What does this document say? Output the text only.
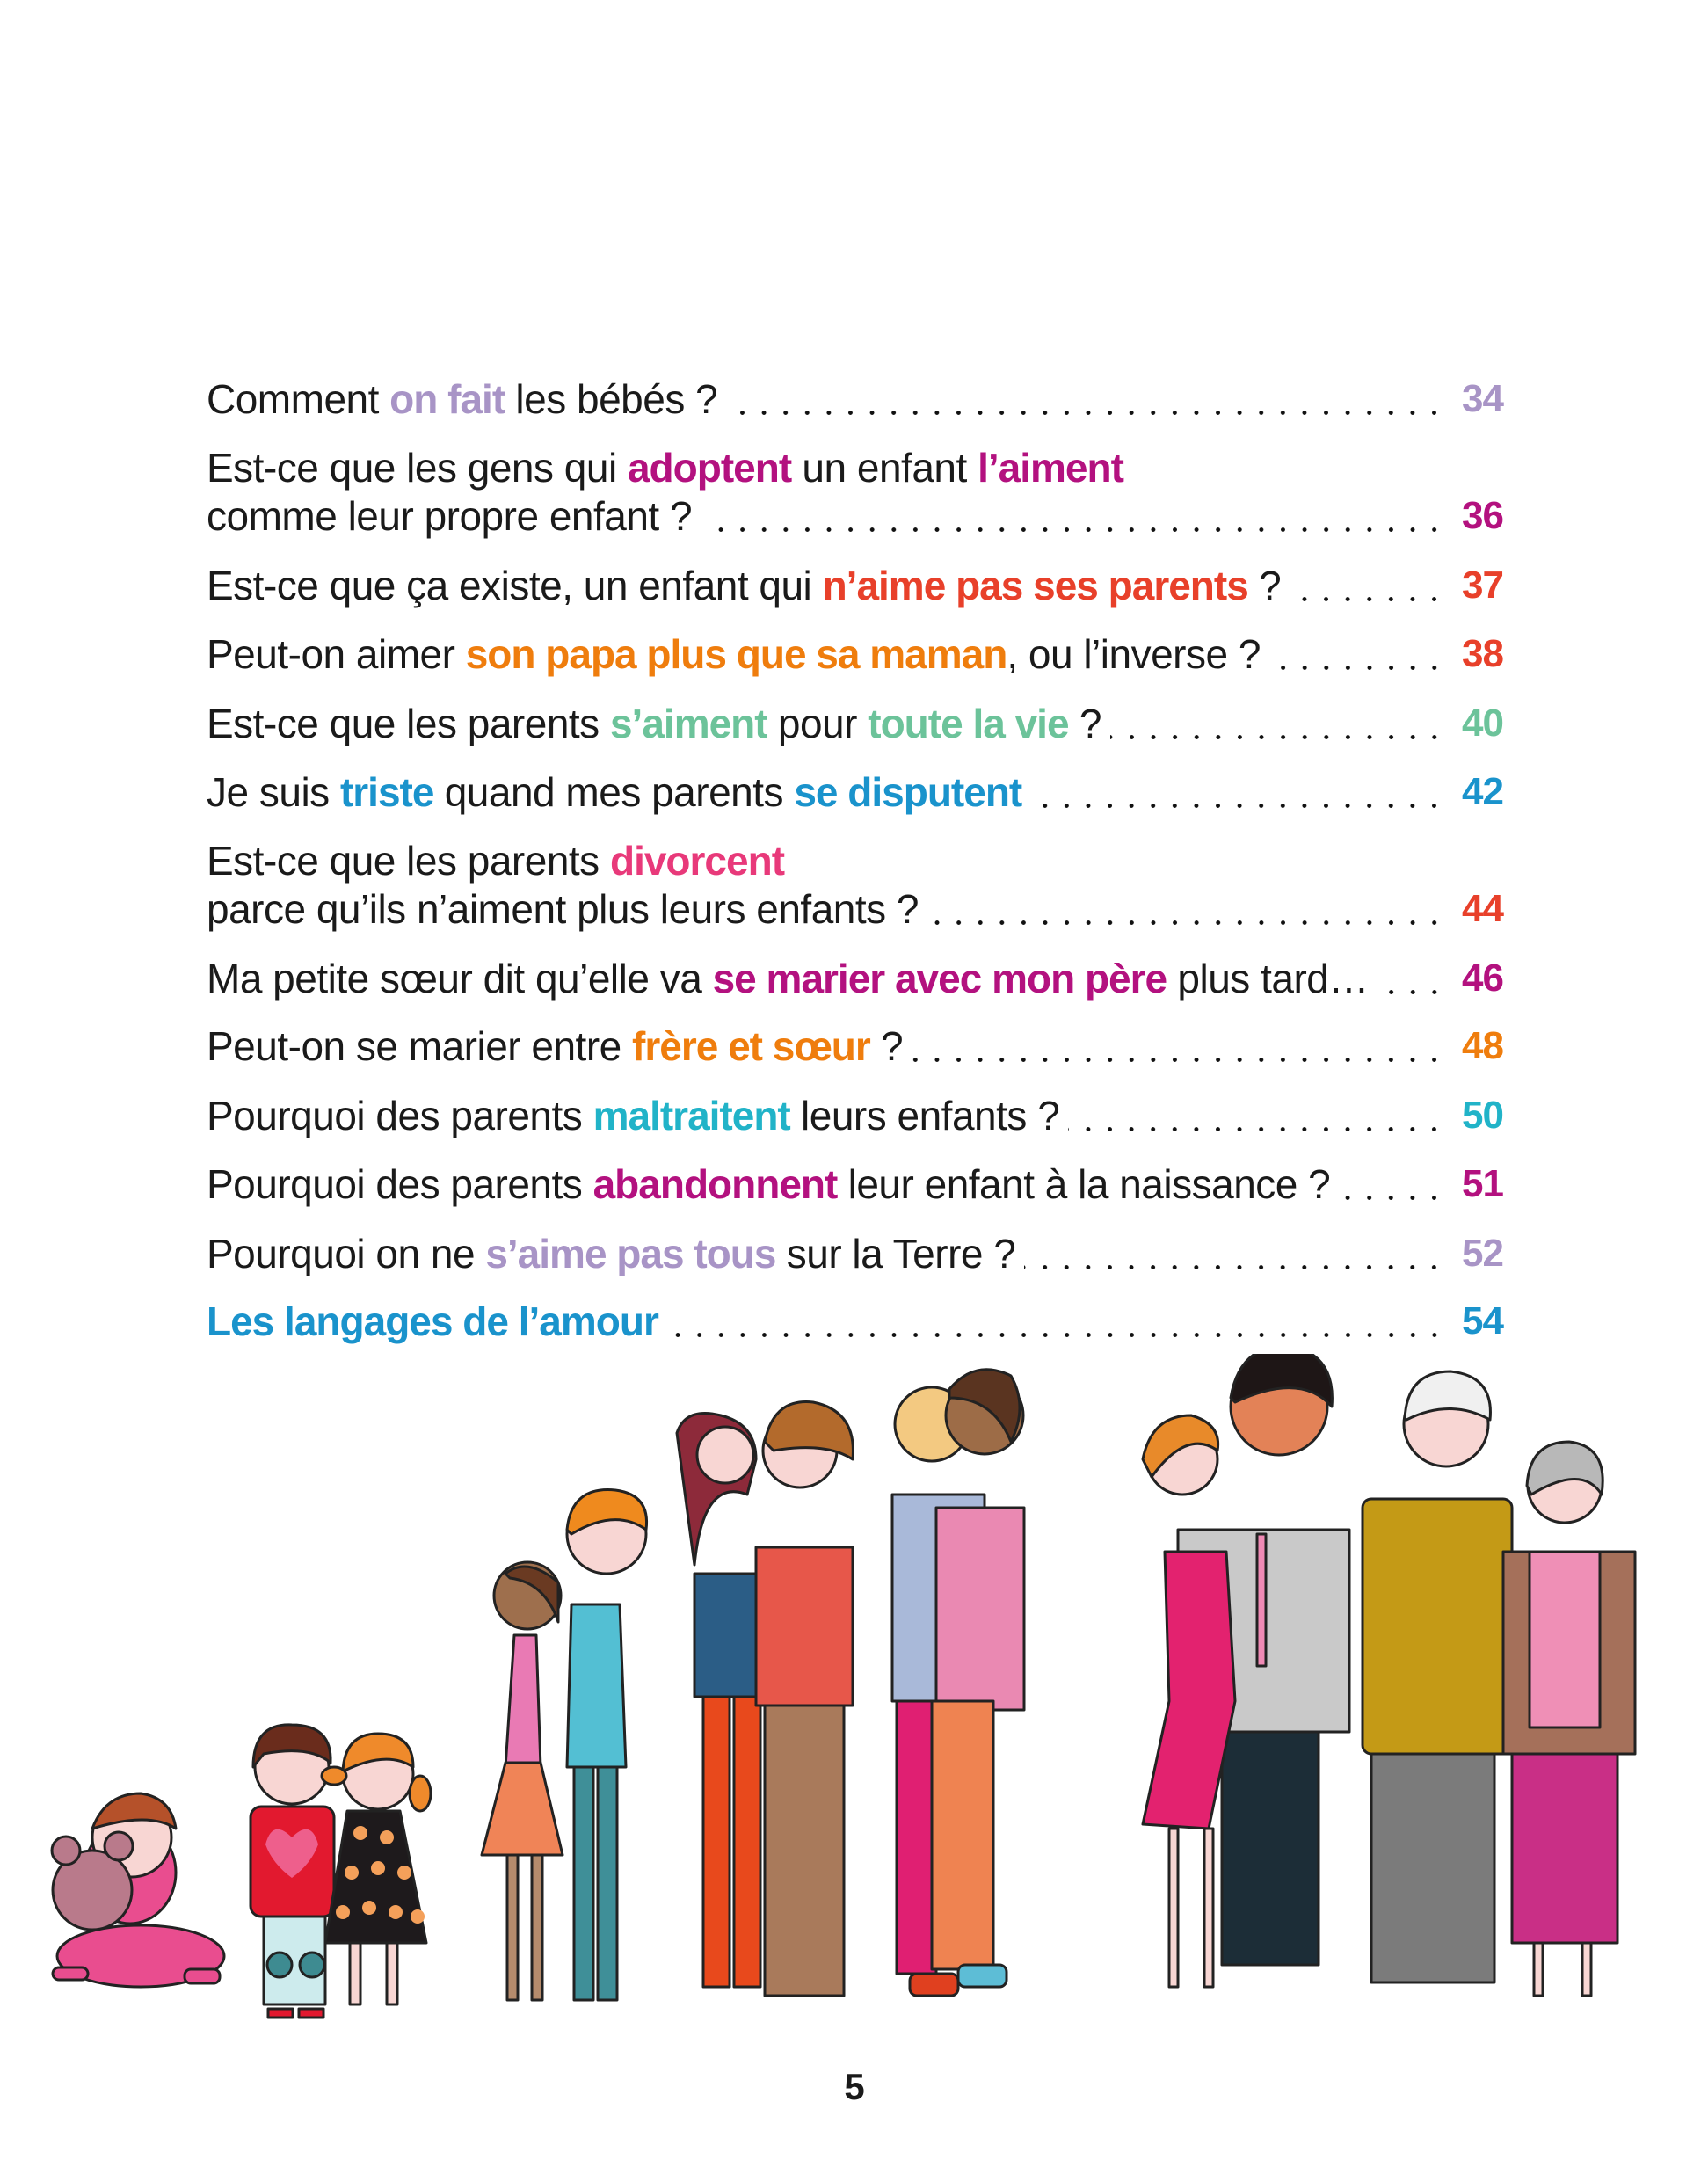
Comment on fait les bébés ?	34
Est-ce que les gens qui adoptent un enfant l’aiment
comme leur propre enfant ?	36
Est-ce que ça existe, un enfant qui n’aime pas ses parents ?	37
Peut-on aimer son papa plus que sa maman, ou l’inverse ?	38
Est-ce que les parents s’aiment pour toute la vie ?	40
Je suis triste quand mes parents se disputent	42
Est-ce que les parents divorcent
parce qu’ils n’aiment plus leurs enfants ?	44
Ma petite sœur dit qu’elle va se marier avec mon père plus tard… 46
Peut-on se marier entre frère et sœur ?	48
Pourquoi des parents maltraitent leurs enfants ?	50
Pourquoi des parents abandonnent leur enfant à la naissance ?	51
Pourquoi on ne s’aime pas tous sur la Terre ?	52
Les langages de l’amour	54
5
